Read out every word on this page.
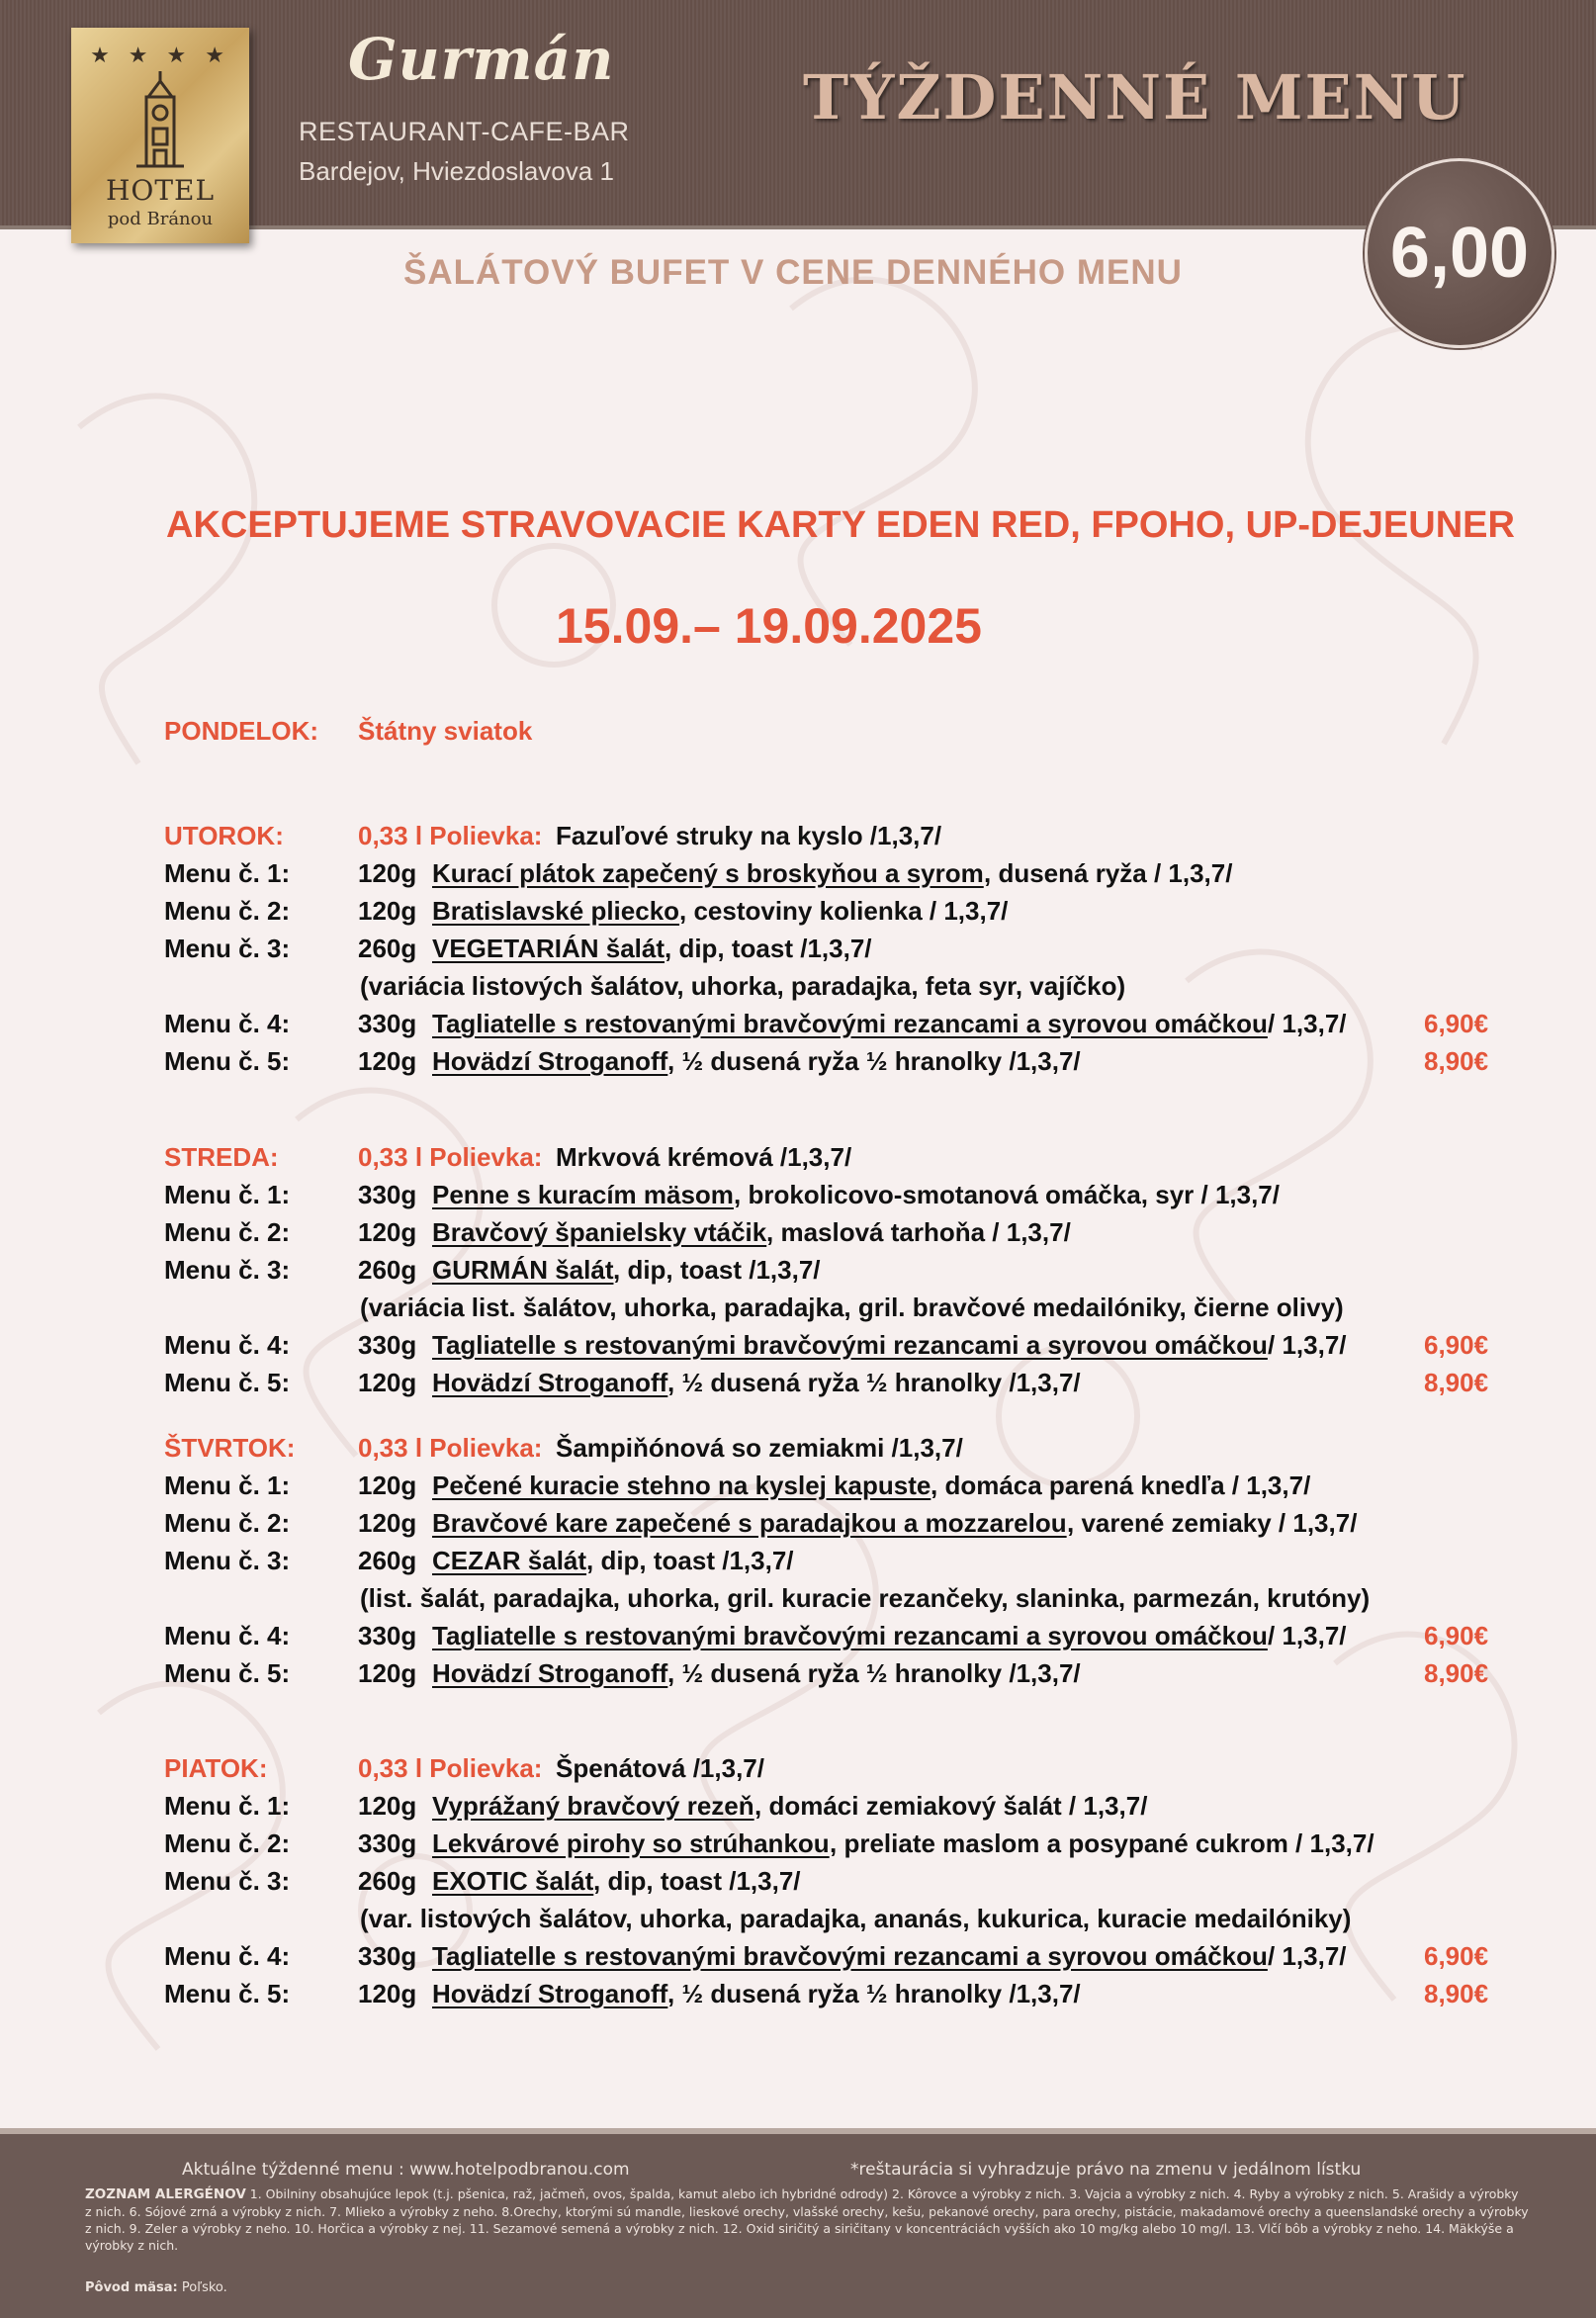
Gurmán
RESTAURANT-CAFE-BAR
Bardejov, Hviezdoslavova 1
TÝŽDENNÉ MENU
★ ★ ★ ★
HOTEL
pod Bránou	6,00
ŠALÁTOVÝ BUFET V CENE DENNÉHO MENU
AKCEPTUJEME STRAVOVACIE KARTY EDEN RED, FPOHO, UP-DEJEUNER
15.09.– 19.09.2025
PONDELOK: Štátny sviatok
UTOROK:	0,33 l Polievka: Fazuľové struky na kyslo /1,3,7/
Menu č. 1:	120g Kurací plátok zapečený s broskyňou a syrom , dusená ryža / 1,3,7/
Menu č. 2:	120g Bratislavské pliecko , cestoviny kolienka / 1,3,7/
Menu č. 3:	260g VEGETARIÁN šalát , dip, toast /1,3,7/
(variácia listových šalátov, uhorka, paradajka, feta syr, vajíčko)
Menu č. 4:	330g Tagliatelle s restovanými bravčovými rezancami a syrovou omáčkou / 1,3,7/	6,90€
Menu č. 5:	120g Hovädzí Stroganoff , ½ dusená ryža ½ hranolky /1,3,7/	8,90€
STREDA:	0,33 l Polievka: Mrkvová krémová /1,3,7/
Menu č. 1:	330g Penne s kuracím mäsom , brokolicovo-smotanová omáčka, syr / 1,3,7/
Menu č. 2:	120g Bravčový španielsky vtáčik , maslová tarhoňa / 1,3,7/
Menu č. 3:	260g GURMÁN šalát , dip, toast /1,3,7/
(variácia list. šalátov, uhorka, paradajka, gril. bravčové medailóniky, čierne olivy)
Menu č. 4:	330g Tagliatelle s restovanými bravčovými rezancami a syrovou omáčkou / 1,3,7/	6,90€
Menu č. 5:	120g Hovädzí Stroganoff , ½ dusená ryža ½ hranolky /1,3,7/	8,90€
ŠTVRTOK: 0,33 l Polievka: Šampiňónová so zemiakmi /1,3,7/
Menu č. 1:	120g Pečené kuracie stehno na kyslej kapuste , domáca parená knedľa / 1,3,7/
Menu č. 2:	120g Bravčové kare zapečené s paradajkou a mozzarelou , varené zemiaky / 1,3,7/
Menu č. 3:	260g CEZAR šalát , dip, toast /1,3,7/
(list. šalát, paradajka, uhorka, gril. kuracie rezančeky, slaninka, parmezán, krutóny)
Menu č. 4:	330g Tagliatelle s restovanými bravčovými rezancami a syrovou omáčkou / 1,3,7/	6,90€
Menu č. 5:	120g Hovädzí Stroganoff , ½ dusená ryža ½ hranolky /1,3,7/	8,90€
PIATOK:	0,33 l Polievka: Špenátová /1,3,7/
Menu č. 1:	120g Vyprážaný bravčový rezeň , domáci zemiakový šalát / 1,3,7/
Menu č. 2:	330g Lekvárové pirohy so strúhankou , preliate maslom a posypané cukrom / 1,3,7/
Menu č. 3:	260g EXOTIC šalát , dip, toast /1,3,7/
(var. listových šalátov, uhorka, paradajka, ananás, kukurica, kuracie medailóniky)
Menu č. 4:	330g Tagliatelle s restovanými bravčovými rezancami a syrovou omáčkou / 1,3,7/	6,90€
Menu č. 5:	120g Hovädzí Stroganoff , ½ dusená ryža ½ hranolky /1,3,7/	8,90€
Aktuálne týždenné menu : www.hotelpodbranou.com	*reštaurácia si vyhradzuje právo na zmenu v jedálnom lístku
ZOZNAM ALERGÉNOV 1. Obilniny obsahujúce lepok (t.j. pšenica, raž, jačmeň, ovos, špalda, kamut alebo ich hybridné odrody) 2. Kôrovce a výrobky z nich. 3. Vajcia a výrobky z nich. 4. Ryby a výrobky z nich. 5. Arašidy a výrobky z nich. 6. Sójové zrná a výrobky z nich. 7. Mlieko a výrobky z neho. 8.Orechy, ktorými sú mandle, lieskové orechy, vlašské orechy, kešu, pekanové orechy, para orechy, pistácie, makadamové orechy a queenslandské orechy a výrobky z nich. 9. Zeler a výrobky z neho. 10. Horčica a výrobky z nej. 11. Sezamové semená a výrobky z nich. 12. Oxid siričitý a siričitany v koncentráciách vyšších ako 10 mg/kg alebo 10 mg/l. 13. Vlčí bôb a výrobky z neho. 14. Mäkkýše a výrobky z nich.
Pôvod mäsa: Poľsko.
